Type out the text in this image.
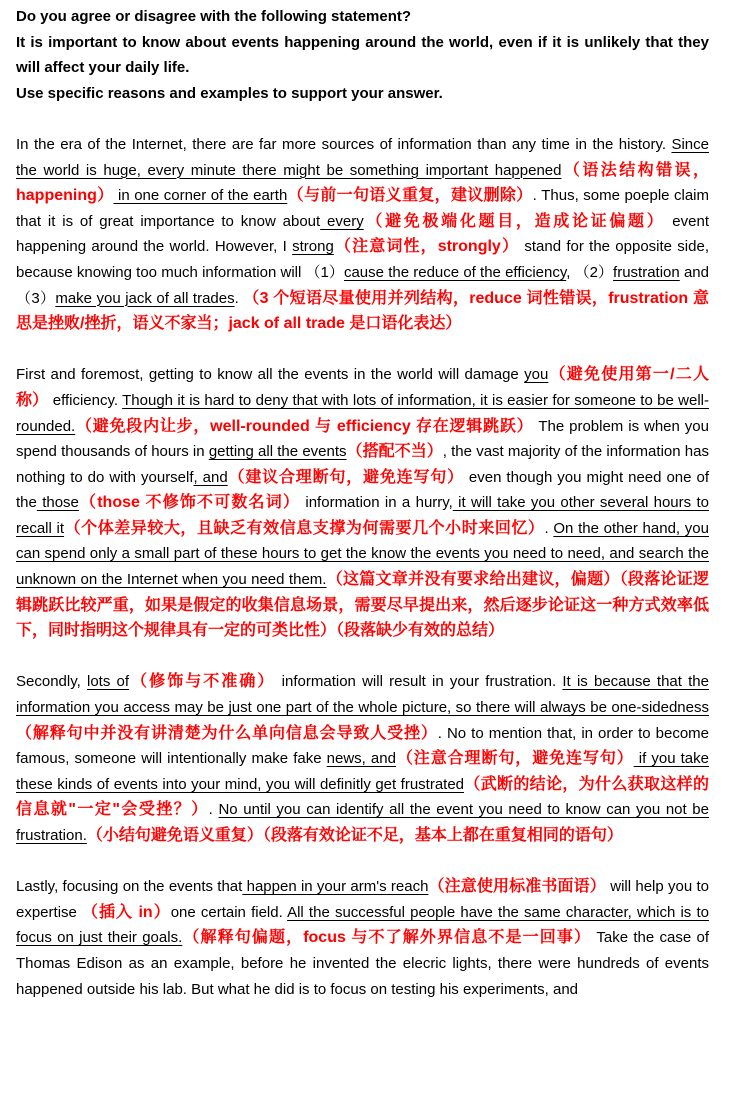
Do you agree or disagree with the following statement?
It is important to know about events happening around the world, even if it is unlikely that they will affect your daily life.
Use specific reasons and examples to support your answer.

In the era of the Internet, there are far more sources of information than any time in the history. Since the world is huge, every minute there might be something important happened（语法结构错误，happening） in one corner of the earth（与前一句语义重复，建议删除）. Thus, some poeple claim that it is of great importance to know about every（避免极端化题目，造成论证偏题） event happening around the world. However, I strong（注意词性，strongly） stand for the opposite side, because knowing too much information will （1）cause the reduce of the efficiency, （2）frustration and （3）make you jack of all trades. （3 个短语尽量使用并列结构，reduce 词性错误，frustration 意思是挫败/挫折，语义不家当；jack of all trade 是口语化表达）

First and foremost, getting to know all the events in the world will damage you（避免使用第一/二人称） efficiency. Though it is hard to deny that with lots of information, it is easier for someone to be well-rounded.（避免段内让步，well-rounded 与 efficiency 存在逻辑跳跃） The problem is when you spend thousands of hours in getting all the events（搭配不当）, the vast majority of the information has nothing to do with yourself, and（建议合理断句，避免连写句） even though you might need one of the those（those 不修饰不可数名词） information in a hurry, it will take you other several hours to recall it（个体差异较大，且缺乏有效信息支撑为何需要几个小时来回忆）. On the other hand, you can spend only a small part of these hours to get the know the events you need to need, and search the unknown on the Internet when you need them.（这篇文章并没有要求给出建议，偏题）（段落论证逻辑跳跃比较严重，如果是假定的收集信息场景，需要尽早提出来，然后逐步论证这一种方式效率低下，同时指明这个规律具有一定的可类比性）（段落缺少有效的总结）

Secondly, lots of（修饰与不准确） information will result in your frustration. It is because that the information you access may be just one part of the whole picture, so there will always be one-sidedness（解释句中并没有讲清楚为什么单向信息会导致人受挫）. No to mention that, in order to become famous, someone will intentionally make fake news, and（注意合理断句，避免连写句） if you take these kinds of events into your mind, you will definitly get frustrated（武断的结论，为什么获取这样的信息就"一定"会受挫？）. No until you can identify all the event you need to know can you not be frustration.（小结句避免语义重复）（段落有效论证不足，基本上都在重复相同的语句）

Lastly, focusing on the events that happen in your arm's reach（注意使用标准书面语） will help you to expertise （插入 in）one certain field. All the successful people have the same character, which is to focus on just their goals.（解释句偏题，focus 与不了解外界信息不是一回事） Take the case of Thomas Edison as an example, before he invented the elecric lights, there were hundreds of events happened outside his lab. But what he did is to focus on testing his experiments, and
